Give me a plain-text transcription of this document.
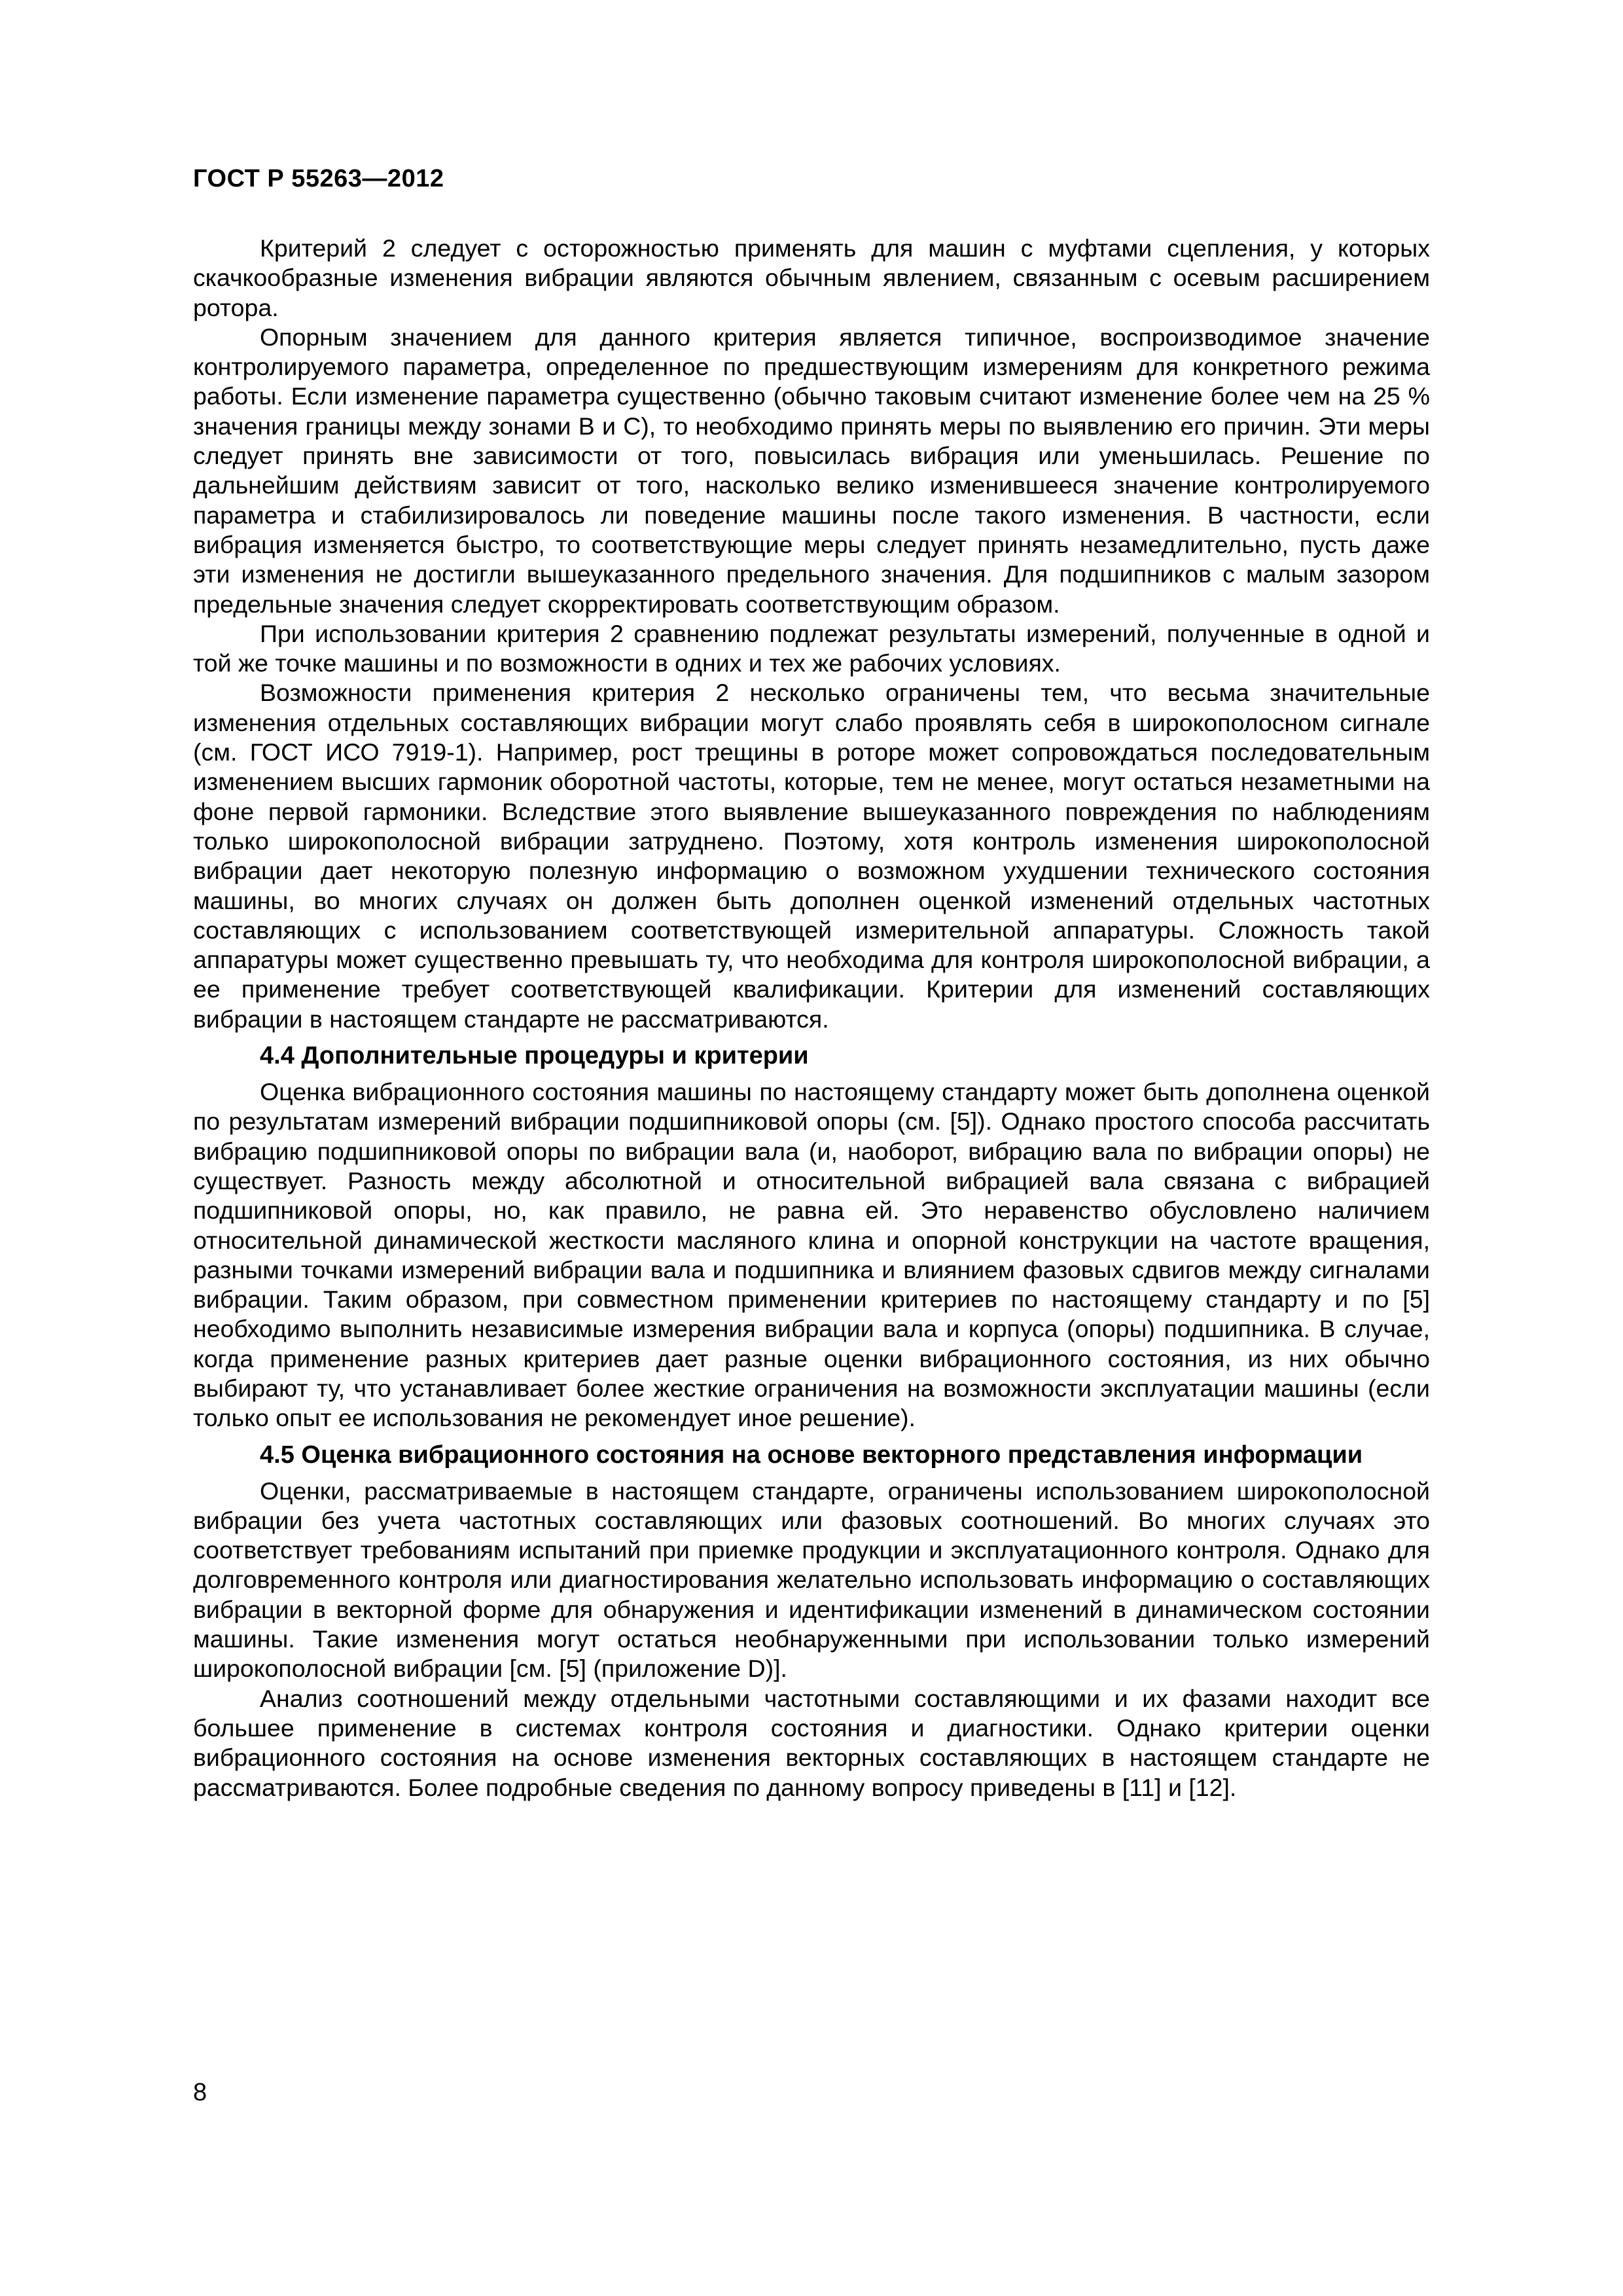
ГОСТ Р 55263—2012

Критерий 2 следует с осторожностью применять для машин с муфтами сцепления, у которых скачкообразные изменения вибрации являются обычным явлением, связанным с осевым расширением ротора.

Опорным значением для данного критерия является типичное, воспроизводимое значение контролируемого параметра, определенное по предшествующим измерениям для конкретного режима работы. Если изменение параметра существенно (обычно таковым считают изменение более чем на 25 % значения границы между зонами В и С), то необходимо принять меры по выявлению его причин. Эти меры следует принять вне зависимости от того, повысилась вибрация или уменьшилась. Решение по дальнейшим действиям зависит от того, насколько велико изменившееся значение контролируемого параметра и стабилизировалось ли поведение машины после такого изменения. В частности, если вибрация изменяется быстро, то соответствующие меры следует принять незамедлительно, пусть даже эти изменения не достигли вышеуказанного предельного значения. Для подшипников с малым зазором предельные значения следует скорректировать соответствующим образом.

При использовании критерия 2 сравнению подлежат результаты измерений, полученные в одной и той же точке машины и по возможности в одних и тех же рабочих условиях.

Возможности применения критерия 2 несколько ограничены тем, что весьма значительные изменения отдельных составляющих вибрации могут слабо проявлять себя в широкополосном сигнале (см. ГОСТ ИСО 7919-1). Например, рост трещины в роторе может сопровождаться последовательным изменением высших гармоник оборотной частоты, которые, тем не менее, могут остаться незаметными на фоне первой гармоники. Вследствие этого выявление вышеуказанного повреждения по наблюдениям только широкополосной вибрации затруднено. Поэтому, хотя контроль изменения широкополосной вибрации дает некоторую полезную информацию о возможном ухудшении технического состояния машины, во многих случаях он должен быть дополнен оценкой изменений отдельных частотных составляющих с использованием соответствующей измерительной аппаратуры. Сложность такой аппаратуры может существенно превышать ту, что необходима для контроля широкополосной вибрации, а ее применение требует соответствующей квалификации. Критерии для изменений составляющих вибрации в настоящем стандарте не рассматриваются.

4.4 Дополнительные процедуры и критерии

Оценка вибрационного состояния машины по настоящему стандарту может быть дополнена оценкой по результатам измерений вибрации подшипниковой опоры (см. [5]). Однако простого способа рассчитать вибрацию подшипниковой опоры по вибрации вала (и, наоборот, вибрацию вала по вибрации опоры) не существует. Разность между абсолютной и относительной вибрацией вала связана с вибрацией подшипниковой опоры, но, как правило, не равна ей. Это неравенство обусловлено наличием относительной динамической жесткости масляного клина и опорной конструкции на частоте вращения, разными точками измерений вибрации вала и подшипника и влиянием фазовых сдвигов между сигналами вибрации. Таким образом, при совместном применении критериев по настоящему стандарту и по [5] необходимо выполнить независимые измерения вибрации вала и корпуса (опоры) подшипника. В случае, когда применение разных критериев дает разные оценки вибрационного состояния, из них обычно выбирают ту, что устанавливает более жесткие ограничения на возможности эксплуатации машины (если только опыт ее использования не рекомендует иное решение).

4.5 Оценка вибрационного состояния на основе векторного представления информации

Оценки, рассматриваемые в настоящем стандарте, ограничены использованием широкополосной вибрации без учета частотных составляющих или фазовых соотношений. Во многих случаях это соответствует требованиям испытаний при приемке продукции и эксплуатационного контроля. Однако для долговременного контроля или диагностирования желательно использовать информацию о составляющих вибрации в векторной форме для обнаружения и идентификации изменений в динамическом состоянии машины. Такие изменения могут остаться необнаруженными при использовании только измерений широкополосной вибрации [см. [5] (приложение D)].

Анализ соотношений между отдельными частотными составляющими и их фазами находит все большее применение в системах контроля состояния и диагностики. Однако критерии оценки вибрационного состояния на основе изменения векторных составляющих в настоящем стандарте не рассматриваются. Более подробные сведения по данному вопросу приведены в [11] и [12].

8
